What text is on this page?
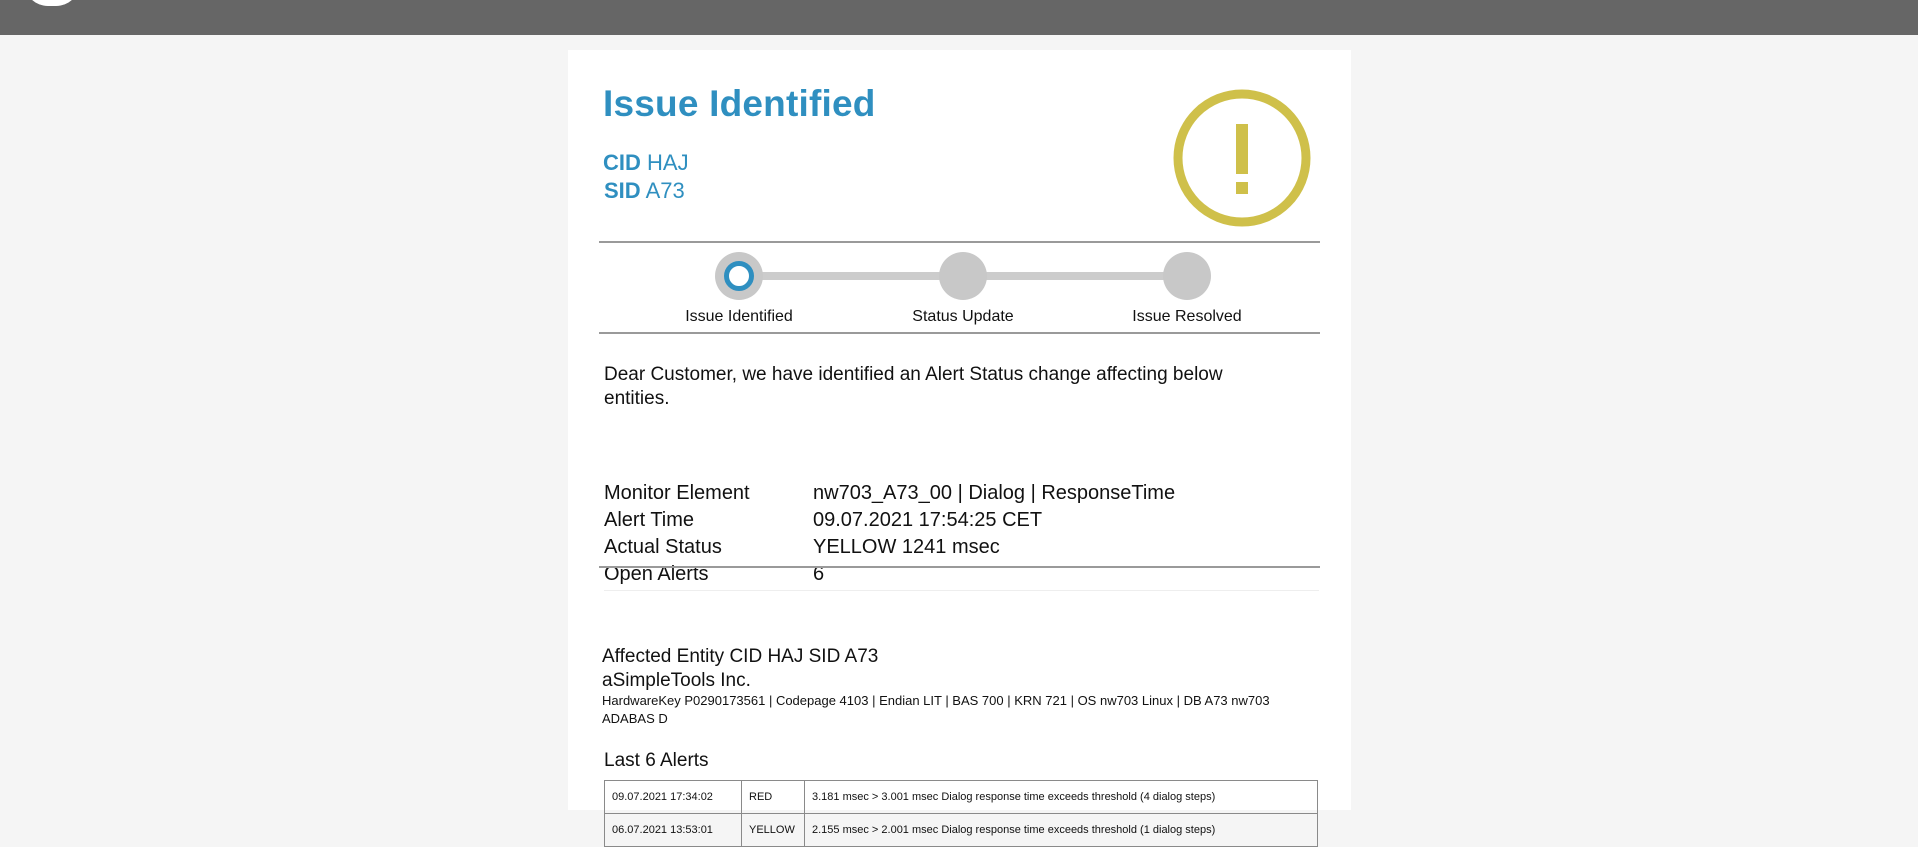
Issue Identified
CID HAJ
SID A73
Issue Identified	Status Update	Issue Resolved
Dear Customer, we have identified an Alert Status change affecting below entities.
Monitor Element	nw703_A73_00 | Dialog | ResponseTime
Alert Time	09.07.2021 17:54:25 CET
Actual Status	YELLOW 1241 msec
Open Alerts	6
Affected Entity CID HAJ SID A73
aSimpleTools Inc.
HardwareKey P0290173561 | Codepage 4103 | Endian LIT | BAS 700 | KRN 721 | OS nw703 Linux | DB A73 nw703 ADABAS D
Last 6 Alerts
09.07.2021 17:34:02	RED	3.181 msec > 3.001 msec Dialog response time exceeds threshold (4 dialog steps)
06.07.2021 13:53:01	YELLOW	2.155 msec > 2.001 msec Dialog response time exceeds threshold (1 dialog steps)
